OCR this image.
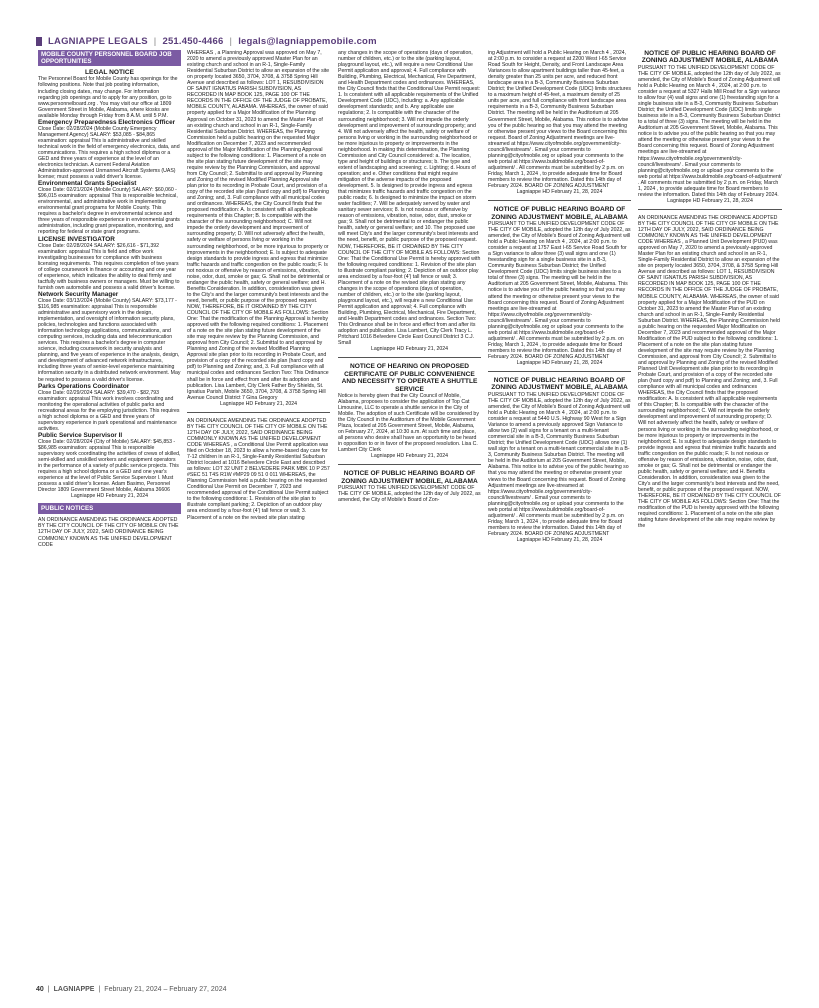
LAGNIAPPE LEGALS | 251.450-4466 | legals@lagniappemobile.com
MOBILE COUNTY PERSONNEL BOARD JOB OPPORTUNITIES
LEGAL NOTICE

The Personnel Board for Mobile County has openings for the following positions. Note that job posting information, including closing dates, may change. For information regarding job openings and to apply for any position, go to www.personnelboard.org . You may visit our office at 1809 Government Street in Mobile, Alabama, where kiosks are available Monday through Friday from 8 A.M. until 5 P.M.

Emergency Preparedness Electronics Officer

Close Date: 02/28/2024 (Mobile County Emergency Management Agency) SALARY: $53,085 - $84,865 examination: appraisal This is administrative and skilled technical work in the field of emergency electronics, data, and communications. This requires a high school diploma or a GED and three years of experience at the level of an electronics technician. A current Federal Aviation Administration-approved Unmanned Aircraft Systems (UAS) license; must possess a valid driver's license.

Environmental Grants Specialist

Close Date: 02/21/2024 (Mobile County) SALARY: $60,060 - $96,015 examination: appraisal This is responsible technical, environmental, and administrative work in implementing environmental grant programs for Mobile County. This requires a bachelor's degree in environmental science and three years of responsible experience in environmental grants administration, including grant preparation, monitoring, and reporting for federal or state grant programs.

LICENSE INVESTIGATOR

Close Date: 02/28/2024 SALARY: $26,616 - $71,392 examination: appraisal This is field and office work investigating businesses for compliance with business licensing requirements. This requires completion of two years of college coursework in finance or accounting and one year of experience, which indicates the ability to deal firmly and tactfully with business owners or managers. Must be willing to furnish own automobile and possess a valid driver's license.

Network Security Manager

Close Date: 03/13/2024 (Mobile County) SALARY: $73,177 - $116,985 examination: appraisal This is responsible administrative and supervisory work in the design, implementation, and oversight of information security plans, policies, technologies and functions associated with information technology applications, communications, and computing services, including data and telecommunication services. This requires a bachelor's degree in computer science, including coursework in security analysis and planning, and five years of experience in the analysis, design, and development of advanced network infrastructures, including three years of senior-level experience maintaining information security in a distributed network environment. May be required to possess a valid driver's license.

Parks Operations Coordinator

Close Date: 02/29/2024 SALARY: $39,470 - $82,793 examination: appraisal This work involves coordinating and monitoring the operational activities of public parks and recreational areas for the employing jurisdiction. This requires a high school diploma or a GED and three years of supervisory experience in park operational and maintenance activities.

Public Service Supervisor II

Close Date: 02/28/2024 (City of Mobile) SALARY: $45,853 - $86,985 examination: appraisal This is responsible supervisory work coordinating the activities of crews of skilled, semi-skilled and unskilled workers and equipment operators in the performance of a variety of public service projects. This requires a high school diploma or a GED and one year's experience at the level of Public Service Supervisor I. Must possess a valid driver's license. Adam Basimo, Personnel Director 1809 Government Street Mobile, Alabama 36606

Lagniappe HD February 21, 2024

PUBLIC NOTICES

AN ORDINANCE AMENDING THE ORDINANCE ADOPTED BY THE CITY COUNCIL OF THE CITY OF MOBILE ON THE 12TH DAY OF JULY, 2022, SAID ORDINANCE BEING COMMONLY KNOWN AS THE UNIFIED DEVELOPMENT CODE

WHEREAS , a Planning Approval was approved on May 7, 2020 to amend a previously approved Master Plan for an existing church and school in an R-1, Single-Family Residential Suburban District to allow an expansion of the site on property located 3650, 3704, 3708, & 3758 Spring Hill Avenue and described as follows: LOT 1, RESUBDIVISION OF SAINT IGNATIUS PARISH SUBDIVISION, AS RECORDED IN MAP BOOK 125, PAGE 100 OF THE RECORDS IN THE OFFICE OF THE JUDGE OF PROBATE, MOBILE COUNTY, ALABAMA. WHEREAS, the owner of said property applied for a Major Modification of the Planning Approval on October 31, 2023 to amend the Master Plan of an existing church and school in an R-1, Single-Family Residential Suburban District. WHEREAS, the Planning Commission held a public hearing on the requested Major Modification on December 7, 2023 and recommended approval of the Major Modification of the Planning Approval subject to the following conditions: 1. Placement of a note on the site plan stating future development of the site may require review by the Planning Commission, and approval from City Council; 2. Submittal to and approval by Planning and Zoning of the revised Modified Planning Approval site plan prior to its recording in Probate Court, and provision of a copy of the recorded site plan (hard copy and pdf) to Planning and Zoning; and, 3. Full compliance with all municipal codes and ordinances. WHEREAS, the City Council finds that the proposed modification: A. Is consistent with all applicable requirements of this Chapter; B. Is compatible with the character of the surrounding neighborhood; C. Will not impede the orderly development and improvement of surrounding property; D. Will not adversely affect the health, safety or welfare of persons living or working in the surrounding neighborhood, or be more injurious to property or improvements in the neighborhood; E. Is subject to adequate design standards to provide ingress and egress that minimize traffic hazards and traffic congestion on the public roads; F. Is not noxious or offensive by reason of emissions, vibration, noise, odor, dust, smoke or gas; G. Shall not be detrimental or endanger the public health, safety or general welfare; and H. Benefits Consideration. In addition, consideration was given to the City's and the larger community's best interests and the need, benefit, or public purpose of the proposed request. NOW, THEREFORE, BE IT ORDAINED BY THE CITY COUNCIL OF THE CITY OF MOBILE AS FOLLOWS: Section One: That the modification of the Planning Approval is hereby approved with the following required conditions: 1. Placement of a note on the site plan stating future development of the site may require review by the Planning Commission, and approval from City Council; 2. Submittal to and approval by Planning and Zoning of the revised Modified Planning Approval site plan prior to its recording in Probate Court, and provision of a copy of the recorded site plan (hard copy and pdf) to Planning and Zoning; and, 3. Full compliance with all municipal codes and ordinances Section Two: This Ordinance shall be in force and effect from and after its adoption and publication. Lisa Lambert, City Clerk Father Bry Shields, St. Ignatius Parish, Mobile 3650, 3704, 3708, & 3758 Spring Hill Avenue Council District 7 Gina Gregory

Lagniappe HD February 21, 2024

AN ORDINANCE AMENDING THE ORDINANCE ADOPTED BY THE CITY COUNCIL OF THE CITY OF MOBILE ON THE 12TH DAY OF JULY, 2022, SAID ORDINANCE BEING COMMONLY KNOWN AS THE UNIFIED DEVELOPMENT CODE WHEREAS , a Conditional Use Permit application was filed on October 18, 2023 to allow a home-based day care for 7-12 children in an R-1, Single-Family Residential Suburban District located at 1016 Belvedere Circle East and described as follows: LOT 32 UNIT 2 BELVEDERE PARK MBK 10 P 257 #SEC 51 T4S R1W #MP29 09 51 0 011 WHEREAS, the Planning Commission held a public hearing on the requested Conditional Use Permit on December 7, 2023 and recommended approval of the Conditional Use Permit subject to the following conditions: 1. Revision of the site plan to illustrate compliant parking; 2. Depiction of an outdoor play area enclosed by a four-foot (4') tall fence or wall; 3. Placement of a note on the revised site plan stating

any changes in the scope of operations (days of operation, number of children, etc.) or to the site (parking layout, playground layout, etc.), will require a new Conditional Use Permit application and approval; 4. Full compliance with Building, Plumbing, Electrical, Mechanical, Fire Department, and Health Department codes and ordinances. WHEREAS, the City Council finds that the Conditional Use Permit request: 1. Is consistent with all applicable requirements of the Unified Development Code (UDC), including: a. Any applicable development standards; and b. Any applicable use regulations; 2. Is compatible with the character of the surrounding neighborhood; 3. Will not impede the orderly development and improvement of surrounding property; and 4. Will not adversely affect the health, safety or welfare of persons living or working in the surrounding neighborhood or be more injurious to property or improvements in the neighborhood. In making this determination, the Planning Commission and City Council considered: a. The location, type and height of buildings or structures; b. The type and extent of landscaping and screening; c. Lighting; d. Hours of operation; and e. Other conditions that might require mitigation of the adverse impacts of the proposed development. 5. Is designed to provide ingress and egress that minimizes traffic hazards and traffic congestion on the public roads; 6. Is designed to minimize the impact on storm water facilities; 7. Will be adequately served by water and sanitary sewer services; 8. Is not noxious or offensive by reason of emissions, vibration, noise, odor, dust, smoke or gas; 9. Shall not be detrimental to or endanger the public health, safety or general welfare; and 10. The proposed use will meet City's and the larger community's best interests and the need, benefit, or public purpose of the proposed request. NOW, THEREFORE, BE IT ORDAINED BY THE CITY COUNCIL OF THE CITY OF MOBILE AS FOLLOWS: Section One: That the Conditional Use Permit is hereby approved with the following required conditions: 1. Revision of the site plan to illustrate compliant parking; 2. Depiction of an outdoor play area enclosed by a four-foot (4') tall fence or wall; 3. Placement of a note on the revised site plan stating any changes in the scope of operations (days of operation, number of children, etc.) or to the site (parking layout, playground layout, etc.), will require a new Conditional Use Permit application and approval; 4. Full compliance with Building, Plumbing, Electrical, Mechanical, Fire Department, and Health Department codes and ordinances. Section Two: This Ordinance shall be in force and effect from and after its adoption and publication. Lisa Lambert, City Clerk Tracy L. Pritchard 1016 Belvedere Circle East Council District 3 C.J. Small

Lagniappe HD February 21, 2024

NOTICE OF HEARING ON PROPOSED CERTIFICATE OF PUBLIC CONVENIENCE AND NECESSITY TO OPERATE A SHUTTLE SERVICE

Notice is hereby given that the City Council of Mobile, Alabama, proposes to consider the application of Top Cat Limousine, LLC to operate a shuttle service in the City of Mobile. The adoption of such Certificate will be considered by the City Council in the Auditorium of the Mobile Government Plaza, located at 205 Government Street, Mobile, Alabama, on February 27, 2024, at 10:30 a.m. At such time and place, all persons who desire shall have an opportunity to be heard in opposition to or in favor of the proposed resolution. Lisa C. Lambert City Clerk

Lagniappe HD February 21, 2024

NOTICE OF PUBLIC HEARING BOARD OF ZONING ADJUSTMENT MOBILE, ALABAMA

PURSUANT TO THE UNIFIED DEVELOPMENT CODE OF THE CITY OF MOBILE, adopted the 12th day of July 2022, as amended, the City of Mobile's Board of Zon-

ing Adjustment will hold a Public Hearing on March 4 , 2024, at 2:00 p.m. to consider a request at 2200 West I-65 Service Road South for Height, Density, and Front Landscape Area Variances to allow apartment buildings taller than 45-feet, a density greater than 25 units per acre, and reduced front landscape area in a B-3, Community Business Suburban District; the Unified Development Code (UDC) limits structures to a maximum height of 45-feet, a maximum density of 25 units per acre, and full compliance with front landscape area requirements in a B-3, Community Business Suburban District. The meeting will be held in the Auditorium at 205 Government Street, Mobile, Alabama. This notice is to advise you of the public hearing so that you may attend the meeting or otherwise present your views to the Board concerning this request. Board of Zoning Adjustment meetings are live-streamed at https://www.cityofmobile.org/government/city-council/livestream/ . Email your comments to planning@cityofmobile.org or upload your comments to the web portal at https://www.buildmobile.org/board-of-adjustment/ . All comments must be submitted by 2 p.m. on Friday, March 1, 2024 , to provide adequate time for Board members to review the information. Dated this 14th day of February 2024. BOARD OF ZONING ADJUSTMENT

Lagniappe HD February 21, 28, 2024

NOTICE OF PUBLIC HEARING BOARD OF ZONING ADJUSTMENT MOBILE, ALABAMA

PURSUANT TO THE UNIFIED DEVELOPMENT CODE OF THE CITY OF MOBILE, adopted the 12th day of July 2022, as amended, the City of Mobile's Board of Zoning Adjustment will hold a Public Hearing on March 4 , 2024, at 2:00 p.m. to consider a request at 1757 East I-65 Service Road South for a Sign variance to allow three (3) wall signs and one (1) freestanding sign for a single business site in a B-3, Community Business Suburban District; the Unified Development Code (UDC) limits single business sites to a total of three (3) signs. The meeting will be held in the Auditorium at 205 Government Street, Mobile, Alabama. This notice is to advise you of the public hearing so that you may attend the meeting or otherwise present your views to the Board concerning this request. Board of Zoning Adjustment meetings are live-streamed at https://www.cityofmobile.org/government/city-council/livestream/ . Email your comments to planning@cityofmobile.org or upload your comments to the web portal at https://www.buildmobile.org/board-of-adjustment/ . All comments must be submitted by 2 p.m. on Friday, March 1, 2024 , to provide adequate time for Board members to review the information. Dated this 14th day of February 2024. BOARD OF ZONING ADJUSTMENT

Lagniappe HD February 21, 28, 2024

NOTICE OF PUBLIC HEARING BOARD OF ZONING ADJUSTMENT MOBILE, ALABAMA

PURSUANT TO THE UNIFIED DEVELOPMENT CODE OF THE CITY OF MOBILE, adopted the 12th day of July 2022, as amended, the City of Mobile's Board of Zoning Adjustment will hold a Public Hearing on March 4 , 2024, at 2:00 p.m. to consider a request at 5440 U.S. Highway 90 West for a Sign Variance to amend a previously approved Sign Variance to allow two (2) wall signs for a tenant on a multi-tenant commercial site in a B-3, Community Business Suburban District; the Unified Development Code (UDC) allows one (1) wall sign for a tenant on a multi-tenant commercial site in a B-3, Community Business Suburban District. The meeting will be held in the Auditorium at 205 Government Street, Mobile, Alabama. This notice is to advise you of the public hearing so that you may attend the meeting or otherwise present your views to the Board concerning this request. Board of Zoning Adjustment meetings are live-streamed at https://www.cityofmobile.org/government/city-council/livestream/ . Email your comments to planning@cityofmobile.org or upload your comments to the web portal at https://www.buildmobile.org/board-of-adjustment/ . All comments must be submitted by 2 p.m. on Friday, March 1, 2024 , to provide adequate time for Board members to review the information. Dated this 14th day of February 2024. BOARD OF ZONING ADJUSTMENT

Lagniappe HD February 21, 28, 2024

NOTICE OF PUBLIC HEARING BOARD OF ZONING ADJUSTMENT MOBILE, ALABAMA

PURSUANT TO THE UNIFIED DEVELOPMENT CODE OF THE CITY OF MOBILE, adopted the 12th day of July 2022, as amended, the City of Mobile's Board of Zoning Adjustment will hold a Public Hearing on March 4 , 2024, at 2:00 p.m. to consider a request at 5327 Halls Mill Road for a Sign variance to allow four (4) wall signs and one (1) freestanding sign for a single business site in a B-3, Community Business Suburban District; the Unified Development Code (UDC) limits single business site in a B-3, Community Business Suburban District to a total of three (3) signs. The meeting will be held in the Auditorium at 205 Government Street, Mobile, Alabama. This notice is to advise you of the public hearing so that you may attend the meeting or otherwise present your views to the Board concerning this request. Board of Zoning Adjustment meetings are live-streamed at https://www.cityofmobile.org/government/city-council/livestream/ . Email your comments to planning@cityofmobile.org or upload your comments to the web portal at https://www.buildmobile.org/board-of-adjustment/ . All comments must be submitted by 2 p.m. on Friday, March 1, 2024 , to provide adequate time for Board members to review the information. Dated this 14th day of February 2024.

Lagniappe HD February 21, 28, 2024

AN ORDINANCE AMENDING THE ORDINANCE ADOPTED BY THE CITY COUNCIL OF THE CITY OF MOBILE ON THE 12TH DAY OF JULY, 2022, SAID ORDINANCE BEING COMMONLY KNOWN AS THE UNIFIED DEVELOPMENT CODE WHEREAS , a Planned Unit Development (PUD) was approved on May 7, 2020 to amend a previously-approved Master Plan for an existing church and school in an R-1, Single-Family Residential District to allow an expansion of the site on property located 3650, 3704, 3708, & 3758 Spring Hill Avenue and described as follows: LOT 1, RESUBDIVISION OF SAINT IGNATIUS PARISH SUBDIVISION, AS RECORDED IN MAP BOOK 125, PAGE 100 OF THE RECORDS IN THE OFFICE OF THE JUDGE OF PROBATE, MOBILE COUNTY, ALABAMA. WHEREAS, the owner of said property applied for a Major Modification of the PUD on October 31, 2023 to amend the Master Plan of an existing church and school in an R-1, Single-Family Residential Suburban District. WHEREAS, the Planning Commission held a public hearing on the requested Major Modification on December 7, 2023 and recommended approval of the Major Modification of the PUD subject to the following conditions: 1. Placement of a note on the site plan stating future development of the site may require review by the Planning Commission, and approval from City Council; 2. Submittal to and approval by Planning and Zoning of the revised Modified Planned Unit Development site plan prior to its recording in Probate Court, and provision of a copy of the recorded site plan (hard copy and pdf) to Planning and Zoning; and, 3. Full compliance with all municipal codes and ordinances WHEREAS, the City Council finds that the proposed modification: A. Is consistent with all applicable requirements of this Chapter; B. Is compatible with the character of the surrounding neighborhood; C. Will not impede the orderly development and improvement of surrounding property; D. Will not adversely affect the health, safety or welfare of persons living or working in the surrounding neighborhood, or be more injurious to property or improvements in the neighborhood; E. Is subject to adequate design standards to provide ingress and egress that minimize traffic hazards and traffic congestion on the public roads; F. Is not noxious or offensive by reason of emissions, vibration, noise, odor, dust, smoke or gas; G. Shall not be detrimental or endanger the public health, safety or general welfare; and H. Benefits Consideration. In addition, consideration was given to the City's and the larger community's best interests and the need, benefit, or public purpose of the proposed request. NOW, THEREFORE, BE IT ORDAINED BY THE CITY COUNCIL OF THE CITY OF MOBILE AS FOLLOWS: Section One: That the modification of the PUD is hereby approved with the following required conditions: 1. Placement of a note on the site plan stating future development of the site may require review by the

40 | LAGNIAPPE | February 21, 2024 – February 27, 2024
